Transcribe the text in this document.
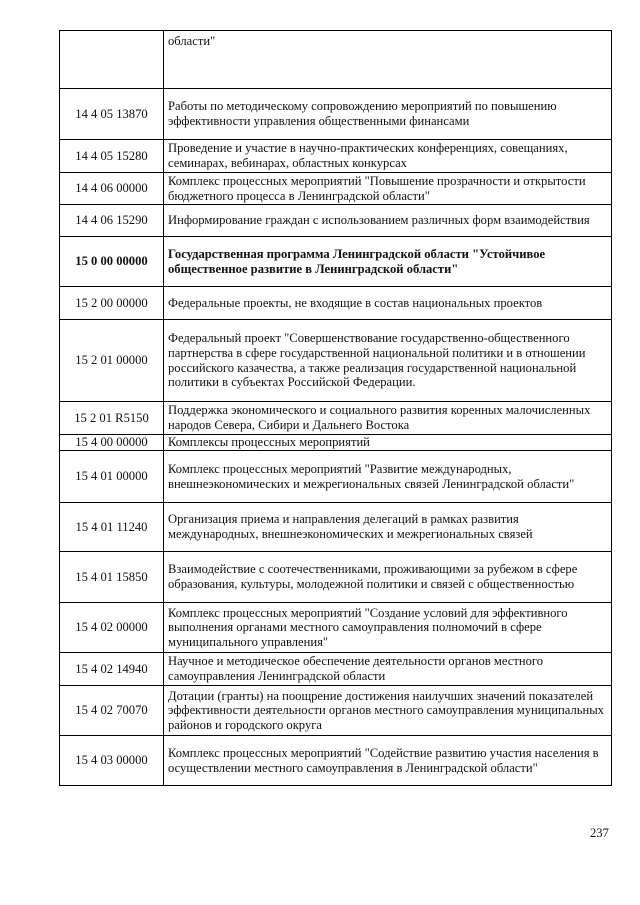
	области"
14 4 05 13870	Работы по методическому сопровождению мероприятий по повышению эффективности управления общественными финансами
14 4 05 15280	Проведение и участие в научно-практических конференциях, совещаниях, семинарах, вебинарах, областных конкурсах
14 4 06 00000	Комплекс процессных мероприятий "Повышение прозрачности и открытости бюджетного процесса в Ленинградской области"
14 4 06 15290	Информирование граждан с использованием различных форм взаимодействия
15 0 00 00000	Государственная программа Ленинградской области "Устойчивое общественное развитие в Ленинградской области"
15 2 00 00000	Федеральные проекты, не входящие в состав национальных проектов
15 2 01 00000	Федеральный проект "Совершенствование государственно-общественного партнерства в сфере государственной национальной политики и в отношении российского казачества, а также реализация государственной национальной политики в субъектах Российской Федерации.
15 2 01 R5150	Поддержка экономического и социального развития коренных малочисленных народов Севера, Сибири и Дальнего Востока
15 4 00 00000	Комплексы процессных мероприятий
15 4 01 00000	Комплекс процессных мероприятий "Развитие международных, внешнеэкономических и межрегиональных связей Ленинградской области"
15 4 01 11240	Организация приема и направления делегаций в рамках развития международных, внешнеэкономических и межрегиональных связей
15 4 01 15850	Взаимодействие с соотечественниками, проживающими за рубежом в сфере образования, культуры, молодежной политики и связей с общественностью
15 4 02 00000	Комплекс процессных мероприятий "Создание условий для эффективного выполнения органами местного самоуправления полномочий в сфере муниципального управления"
15 4 02 14940	Научное и методическое обеспечение деятельности органов местного самоуправления Ленинградской области
15 4 02 70070	Дотации (гранты) на поощрение достижения наилучших значений показателей эффективности деятельности органов местного самоуправления муниципальных районов и городского округа
15 4 03 00000	Комплекс процессных мероприятий "Содействие развитию участия населения в осуществлении местного самоуправления в Ленинградской области"
237
